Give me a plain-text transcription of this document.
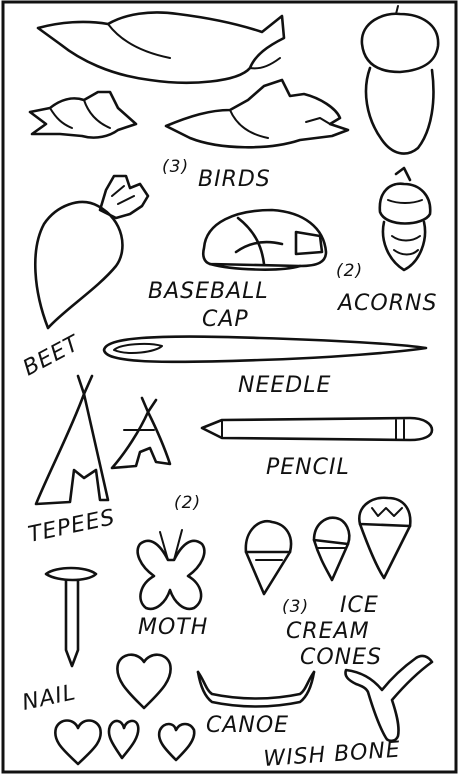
(3) BIRDS
BEET
BASEBALL
CAP
(2)
ACORNS
NEEDLE
TEPEES
(2)
PENCIL
MOTH
(3) ICE
CREAM
CONES
NAIL
CANOE
WISH BONE
